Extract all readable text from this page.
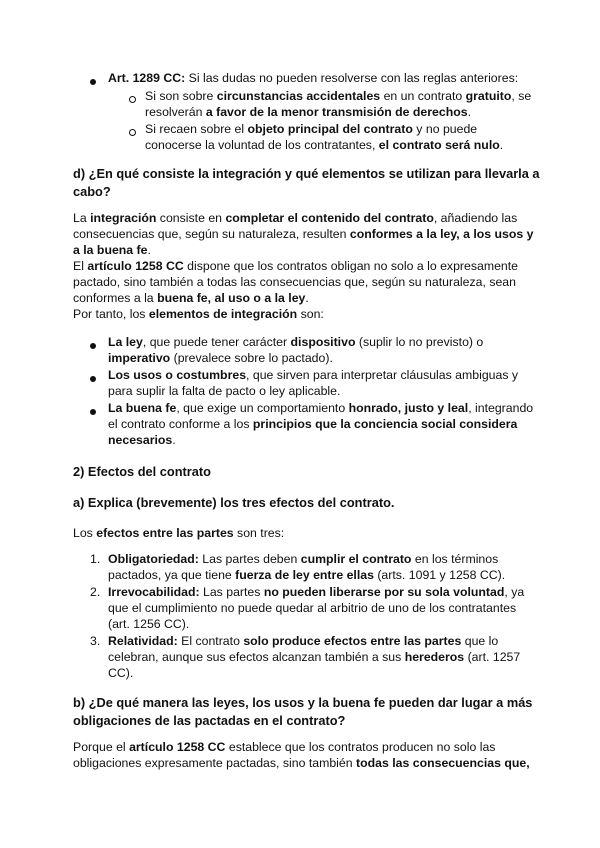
Art. 1289 CC: Si las dudas no pueden resolverse con las reglas anteriores:
Si son sobre circunstancias accidentales en un contrato gratuito, se
resolverán a favor de la menor transmisión de derechos.
Si recaen sobre el objeto principal del contrato y no puede
conocerse la voluntad de los contratantes, el contrato será nulo.
d) ¿En qué consiste la integración y qué elementos se utilizan para llevarla a
cabo?
La integración consiste en completar el contenido del contrato, añadiendo las
consecuencias que, según su naturaleza, resulten conformes a la ley, a los usos y
a la buena fe.
El artículo 1258 CC dispone que los contratos obligan no solo a lo expresamente
pactado, sino también a todas las consecuencias que, según su naturaleza, sean
conformes a la buena fe, al uso o a la ley.
Por tanto, los elementos de integración son:
La ley, que puede tener carácter dispositivo (suplir lo no previsto) o
imperativo (prevalece sobre lo pactado).
Los usos o costumbres, que sirven para interpretar cláusulas ambiguas y
para suplir la falta de pacto o ley aplicable.
La buena fe, que exige un comportamiento honrado, justo y leal, integrando
el contrato conforme a los principios que la conciencia social considera
necesarios.
2) Efectos del contrato
a) Explica (brevemente) los tres efectos del contrato.
Los efectos entre las partes son tres:
1. Obligatoriedad: Las partes deben cumplir el contrato en los términos
pactados, ya que tiene fuerza de ley entre ellas (arts. 1091 y 1258 CC).
2. Irrevocabilidad: Las partes no pueden liberarse por su sola voluntad, ya
que el cumplimiento no puede quedar al arbitrio de uno de los contratantes
(art. 1256 CC).
3. Relatividad: El contrato solo produce efectos entre las partes que lo
celebran, aunque sus efectos alcanzan también a sus herederos (art. 1257
CC).
b) ¿De qué manera las leyes, los usos y la buena fe pueden dar lugar a más
obligaciones de las pactadas en el contrato?
Porque el artículo 1258 CC establece que los contratos producen no solo las
obligaciones expresamente pactadas, sino también todas las consecuencias que,
